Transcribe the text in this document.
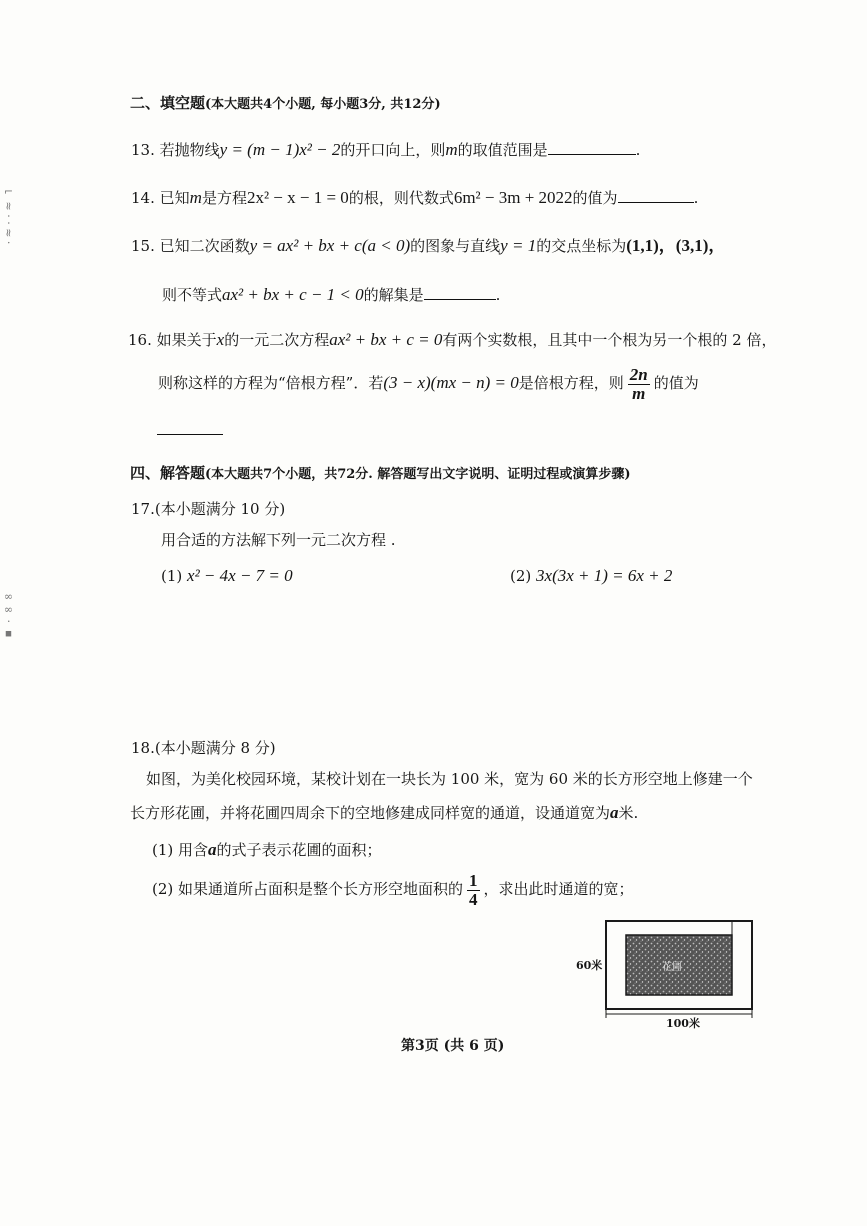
⌐ ≈ · · ≈ ·
∞∞ · ▪
二、填空题(本大题共4个小题, 每小题3分, 共12分)
13. 若抛物线y = (m − 1)x² − 2的开口向上，则m的取值范围是	.
14. 已知m是方程2x² − x − 1 = 0的根，则代数式6m² − 3m + 2022的值为	.
15. 已知二次函数y = ax² + bx + c(a < 0)的图象与直线y = 1的交点坐标为(1,1)，(3,1)，
则不等式ax² + bx + c − 1 < 0的解集是	.
16. 如果关于x的一元二次方程ax² + bx + c = 0有两个实数根，且其中一个根为另一个根的 2 倍，
则称这样的方程为“倍根方程”．若(3 − x)(mx − n) = 0是倍根方程，则 $\frac{2n}{m}$ 的值为
四、解答题(本大题共7个小题，共72分. 解答题写出文字说明、证明过程或演算步骤)
17.(本小题满分 10 分)
用合适的方法解下列一元二次方程 .
(1) x² − 4x − 7 = 0	(2) 3x(3x + 1) = 6x + 2
18.(本小题满分 8 分)
如图，为美化校园环境，某校计划在一块长为 100 米，宽为 60 米的长方形空地上修建一个
长方形花圃，并将花圃四周余下的空地修建成同样宽的通道，设通道宽为a米.
(1) 用含a的式子表示花圃的面积；
(2) 如果通道所占面积是整个长方形空地面积的 $\frac{1}{4}$ ，求出此时通道的宽；
60米
100米
花圃
第3页 (共 6 页)
